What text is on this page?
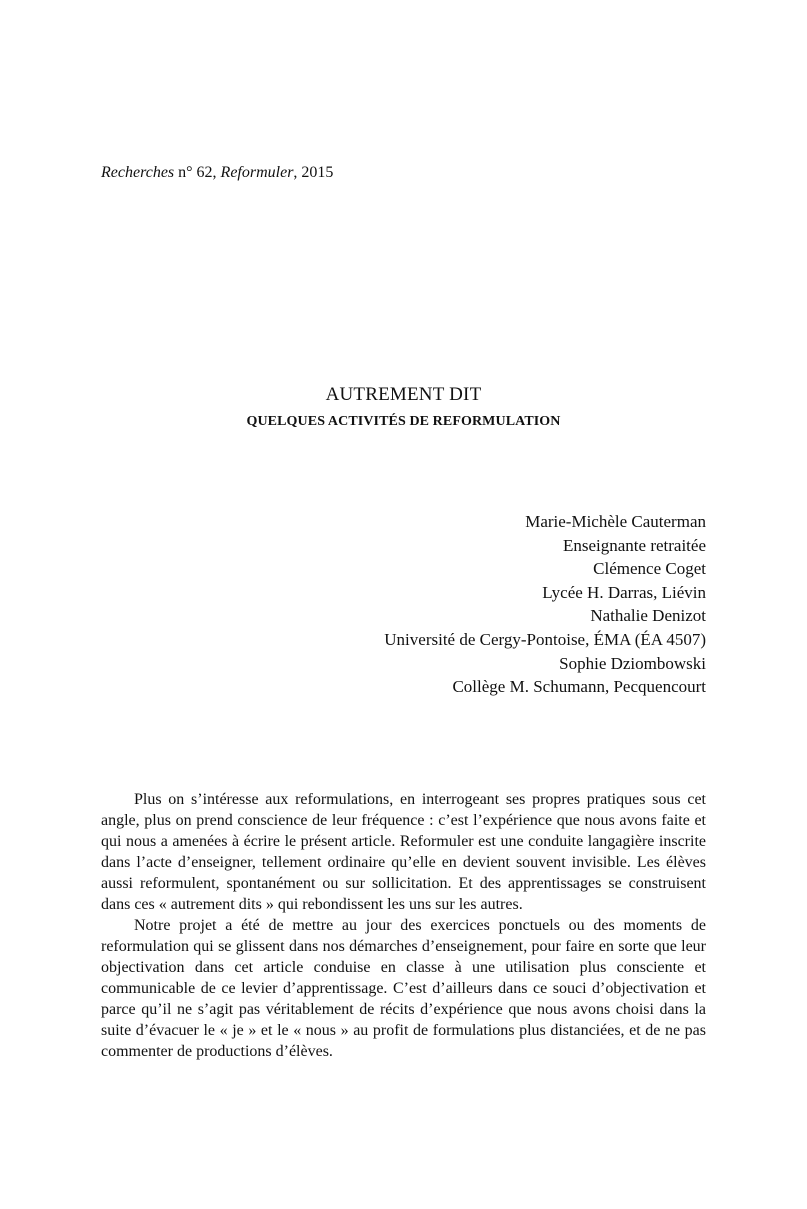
Recherches n° 62, Reformuler, 2015
AUTREMENT DIT
QUELQUES ACTIVITÉS DE REFORMULATION
Marie-Michèle Cauterman
Enseignante retraitée
Clémence Coget
Lycée H. Darras, Liévin
Nathalie Denizot
Université de Cergy-Pontoise, ÉMA (ÉA 4507)
Sophie Dziombowski
Collège M. Schumann, Pecquencourt

Plus on s’intéresse aux reformulations, en interrogeant ses propres pratiques sous cet angle, plus on prend conscience de leur fréquence : c’est l’expérience que nous avons faite et qui nous a amenées à écrire le présent article. Reformuler est une conduite langagière inscrite dans l’acte d’enseigner, tellement ordinaire qu’elle en devient souvent invisible. Les élèves aussi reformulent, spontanément ou sur sollicitation. Et des apprentissages se construisent dans ces « autrement dits » qui rebondissent les uns sur les autres.

Notre projet a été de mettre au jour des exercices ponctuels ou des moments de reformulation qui se glissent dans nos démarches d’enseignement, pour faire en sorte que leur objectivation dans cet article conduise en classe à une utilisation plus consciente et communicable de ce levier d’apprentissage. C’est d’ailleurs dans ce souci d’objectivation et parce qu’il ne s’agit pas véritablement de récits d’expérience que nous avons choisi dans la suite d’évacuer le « je » et le « nous » au profit de formulations plus distanciées, et de ne pas commenter de productions d’élèves.
